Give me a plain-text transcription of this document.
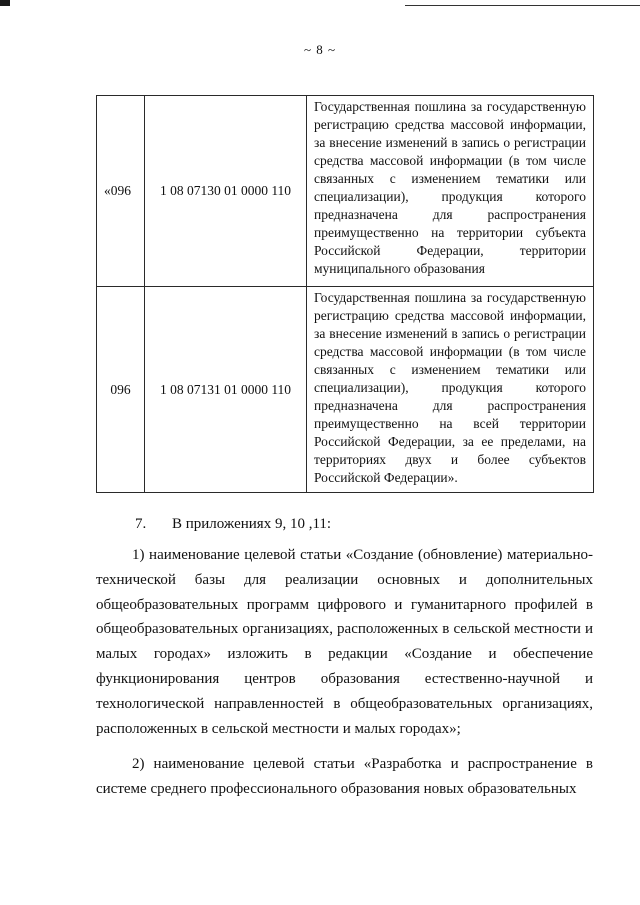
~ 8 ~
«096	1 08 07130 01 0000 110	Государственная пошлина за государственную регистрацию средства массовой информации, за внесение изменений в запись о регистрации средства массовой информации (в том числе связанных с изменением тематики или специализации), продукция которого предназначена для распространения преимущественно на территории субъекта Российской Федерации, территории муниципального образования
096	1 08 07131 01 0000 110	Государственная пошлина за государственную регистрацию средства массовой информации, за внесение изменений в запись о регистрации средства массовой информации (в том числе связанных с изменением тематики или специализации), продукция которого предназначена для распространения преимущественно на всей территории Российской Федерации, за ее пределами, на территориях двух и более субъектов Российской Федерации».
7. В приложениях 9, 10 ,11:

1) наименование целевой статьи «Создание (обновление) материально-технической базы для реализации основных и дополнительных общеобразовательных программ цифрового и гуманитарного профилей в общеобразовательных организациях, расположенных в сельской местности и малых городах» изложить в редакции «Создание и обеспечение функционирования центров образования естественно-научной и технологической направленностей в общеобразовательных организациях, расположенных в сельской местности и малых городах»;

2) наименование целевой статьи «Разработка и распространение в системе среднего профессионального образования новых образовательных
